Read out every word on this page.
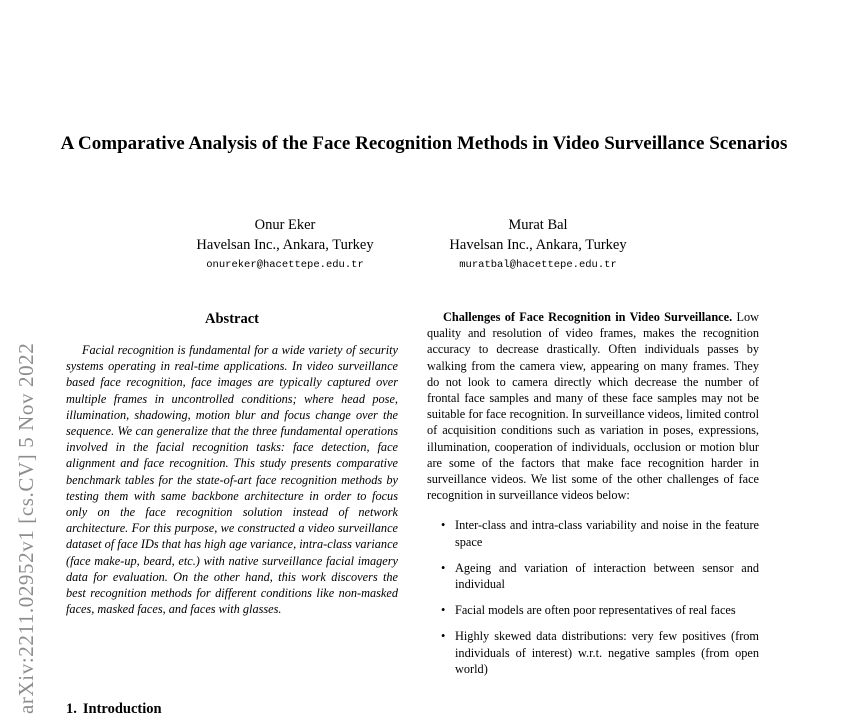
arXiv:2211.02952v1 [cs.CV] 5 Nov 2022
A Comparative Analysis of the Face Recognition Methods in Video Surveillance Scenarios
Onur Eker
Havelsan Inc., Ankara, Turkey
onureker@hacettepe.edu.tr
Murat Bal
Havelsan Inc., Ankara, Turkey
muratbal@hacettepe.edu.tr
Abstract

Facial recognition is fundamental for a wide variety of security systems operating in real-time applications. In video surveillance based face recognition, face images are typically captured over multiple frames in uncontrolled conditions; where head pose, illumination, shadowing, motion blur and focus change over the sequence. We can generalize that the three fundamental operations involved in the facial recognition tasks: face detection, face alignment and face recognition. This study presents comparative benchmark tables for the state-of-art face recognition methods by testing them with same backbone architecture in order to focus only on the face recognition solution instead of network architecture. For this purpose, we constructed a video surveillance dataset of face IDs that has high age variance, intra-class variance (face make-up, beard, etc.) with native surveillance facial imagery data for evaluation. On the other hand, this work discovers the best recognition methods for different conditions like non-masked faces, masked faces, and faces with glasses.

1. Introduction

Challenges of Face Recognition in Video Surveillance. Low quality and resolution of video frames, makes the recognition accuracy to decrease drastically. Often individuals passes by walking from the camera view, appearing on many frames. They do not look to camera directly which decrease the number of frontal face samples and many of these face samples may not be suitable for face recognition. In surveillance videos, limited control of acquisition conditions such as variation in poses, expressions, illumination, cooperation of individuals, occlusion or motion blur are some of the factors that make face recognition harder in surveillance videos. We list some of the other challenges of face recognition in surveillance videos below:

• Inter-class and intra-class variability and noise in the feature space
• Ageing and variation of interaction between sensor and individual
• Facial models are often poor representatives of real faces
• Highly skewed data distributions: very few positives (from individuals of interest) w.r.t. negative samples (from open world)
